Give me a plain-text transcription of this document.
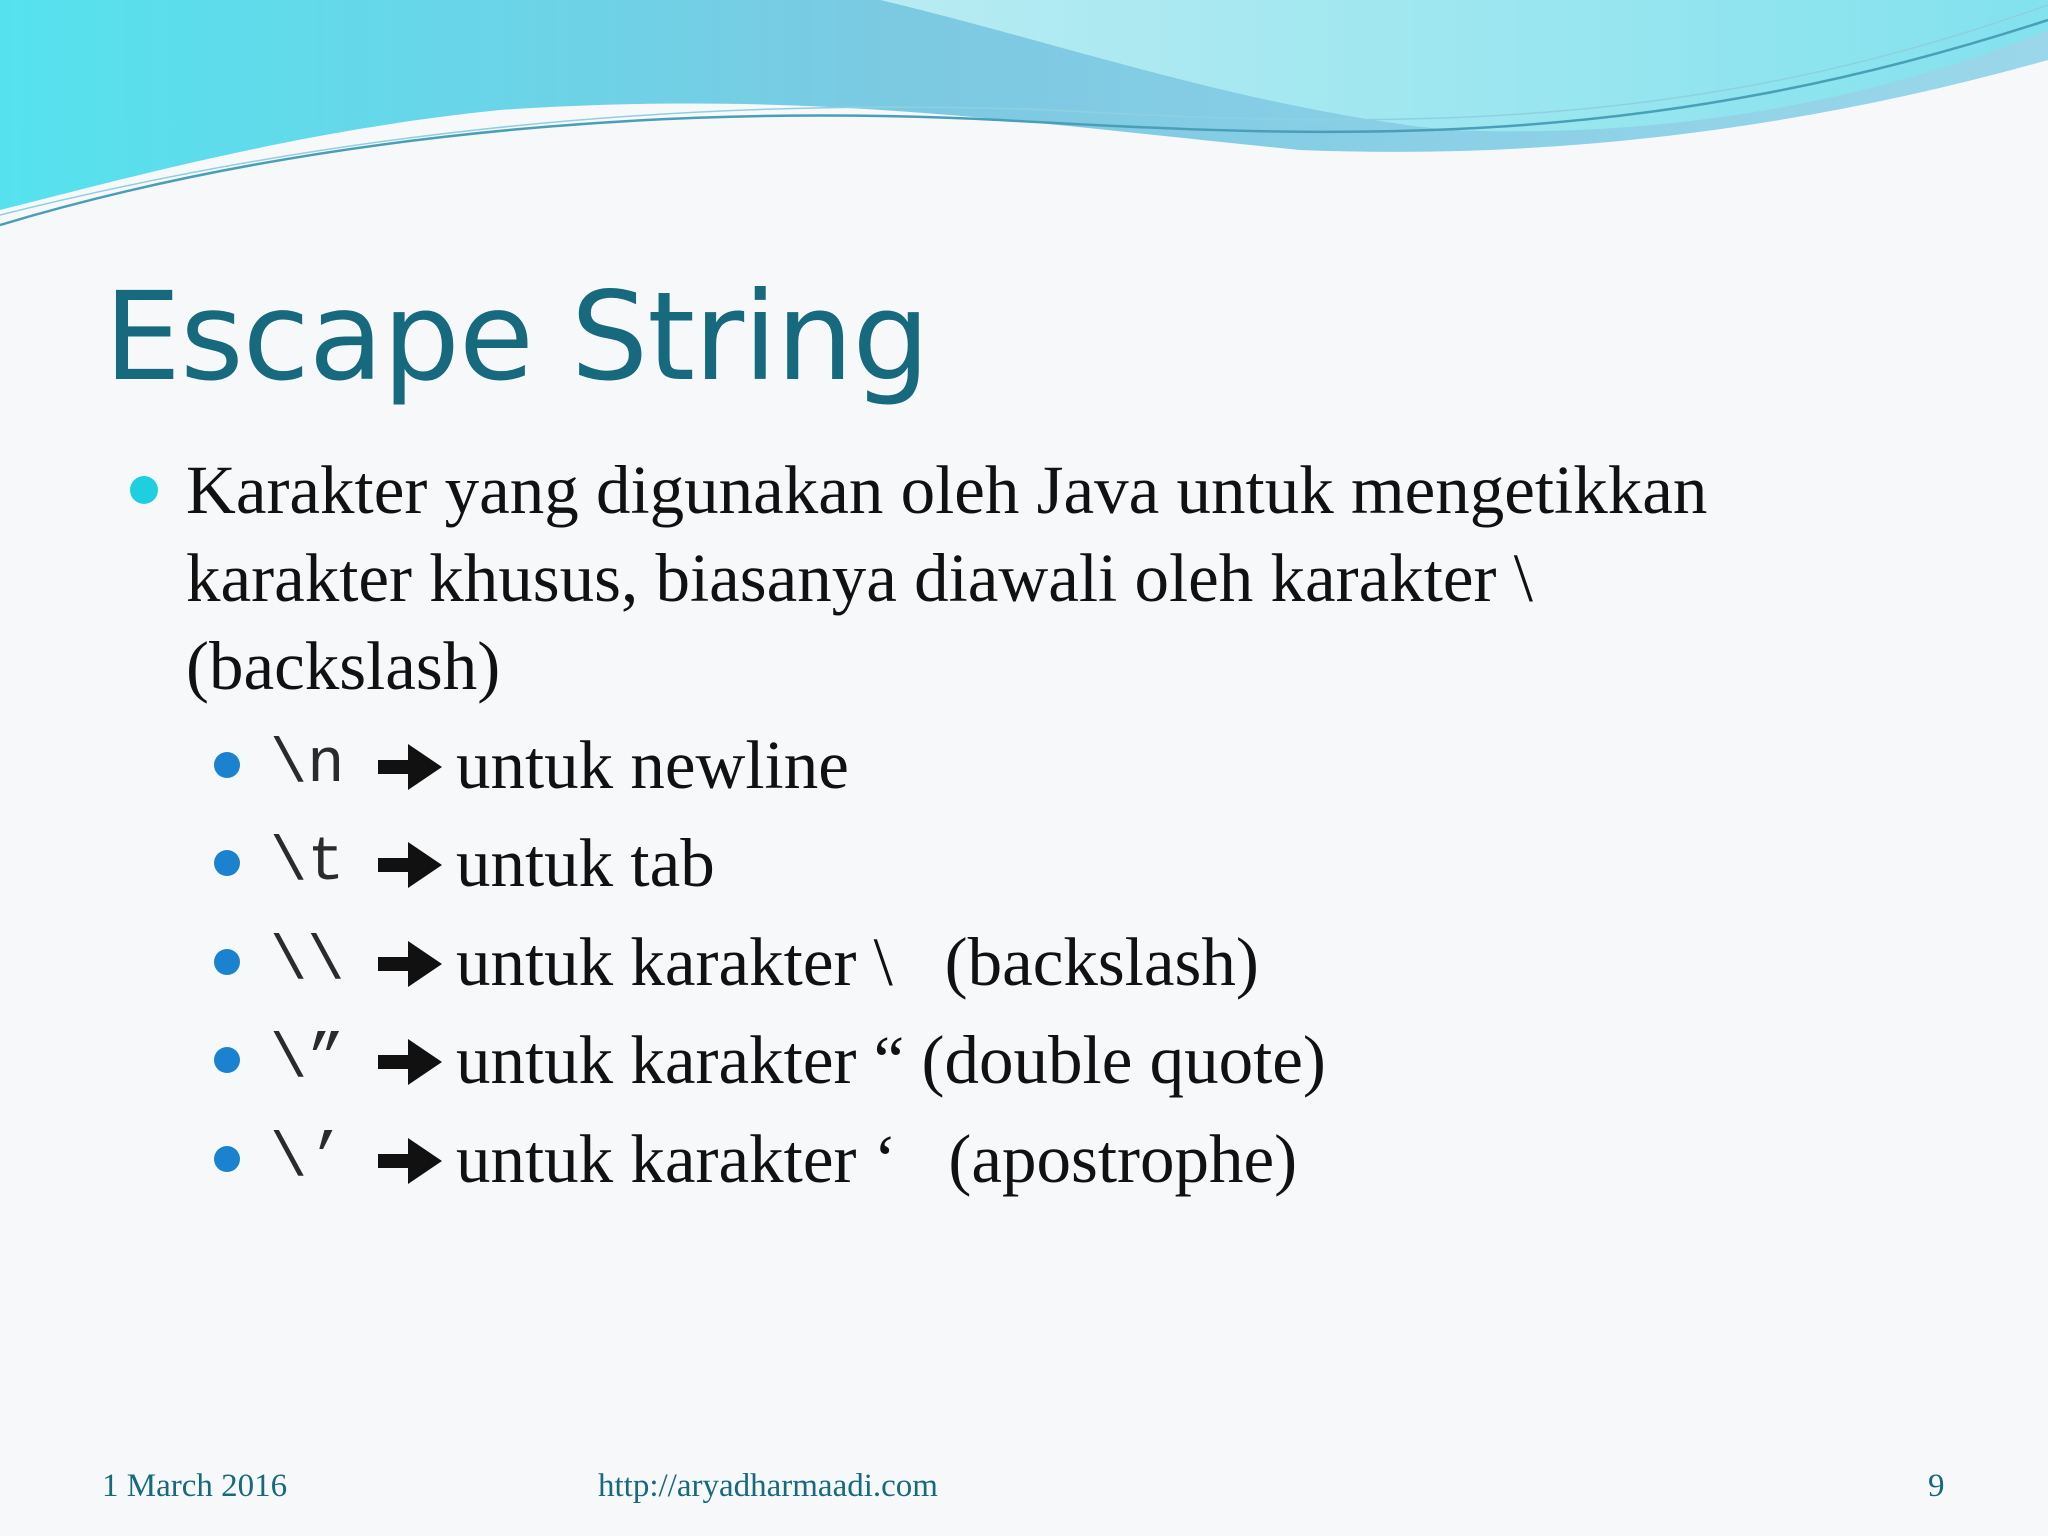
Escape String
Karakter yang digunakan oleh Java untuk mengetikkan
karakter khusus, biasanya diawali oleh karakter \
(backslash)
\n untuk newline
\t untuk tab
\\ untuk karakter \   (backslash)
\” untuk karakter “ (double quote)
\’ untuk karakter ‘   (apostrophe)
1 March 2016	http://aryadharmaadi.com	9
